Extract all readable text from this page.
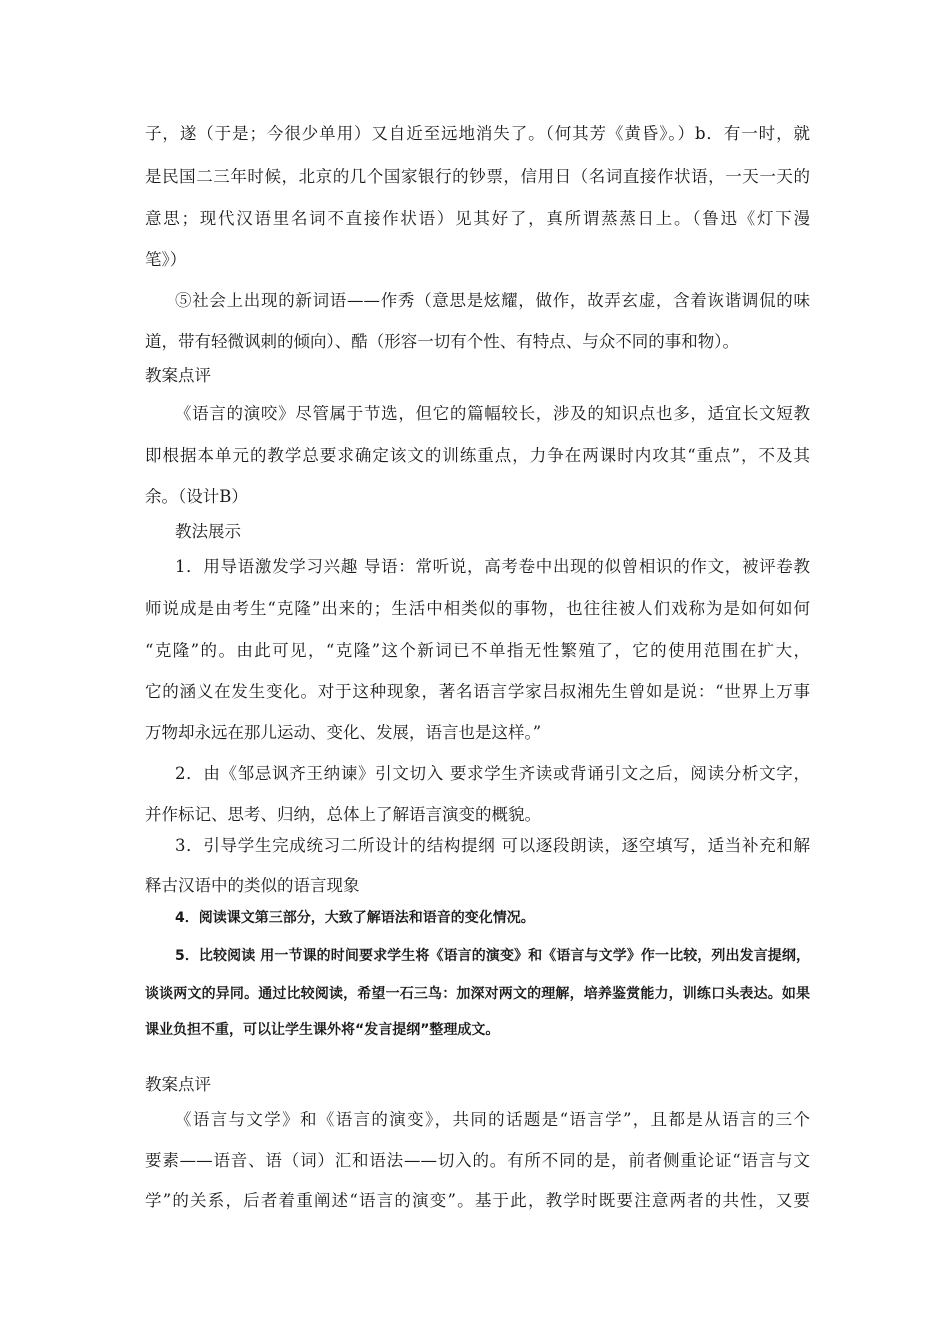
子，遂（于是；今很少单用）又自近至远地消失了。（何其芳《黄昏》。）b．有一时，就
是民国二三年时候，北京的几个国家银行的钞票，信用日（名词直接作状语，一天一天的
意思；现代汉语里名词不直接作状语）见其好了，真所谓蒸蒸日上。（鲁迅《灯下漫
笔》）
⑤社会上出现的新词语——作秀（意思是炫耀，做作，故弄玄虚，含着诙谐调侃的味
道，带有轻微讽刺的倾向）、酷（形容一切有个性、有特点、与众不同的事和物）。
教案点评
《语言的演咬》尽管属于节选，但它的篇幅较长，涉及的知识点也多，适宜长文短教
即根据本单元的教学总要求确定该文的训练重点，力争在两课时内攻其“重点”，不及其
余。（设计B）
教法展示
1．用导语激发学习兴趣 导语：常听说，高考卷中出现的似曾相识的作文，被评卷教
师说成是由考生“克隆”出来的；生活中相类似的事物，也往往被人们戏称为是如何如何
“克隆”的。由此可见，“克隆”这个新词已不单指无性繁殖了，它的使用范围在扩大，
它的涵义在发生变化。对于这种现象，著名语言学家吕叔湘先生曾如是说：“世界上万事
万物却永远在那儿运动、变化、发展，语言也是这样。”
2．由《邹忌讽齐王纳谏》引文切入 要求学生齐读或背诵引文之后，阅读分析文字，
并作标记、思考、归纳，总体上了解语言演变的概貌。
3．引导学生完成统习二所设计的结构提纲 可以逐段朗读，逐空填写，适当补充和解
释古汉语中的类似的语言现象
4．阅读课文第三部分，大致了解语法和语音的变化情况。
5．比较阅读 用一节课的时间要求学生将《语言的演变》和《语言与文学》作一比较，列出发言提纲，
谈谈两文的异同。通过比较阅读，希望一石三鸟：加深对两文的理解，培养鉴赏能力，训练口头表达。如果
课业负担不重，可以让学生课外将“发言提纲”整理成文。
教案点评
《语言与文学》和《语言的演变》，共同的话题是“语言学”，且都是从语言的三个
要素——语音、语（词）汇和语法——切入的。有所不同的是，前者侧重论证“语言与文
学”的关系，后者着重阐述“语言的演变”。基于此，教学时既要注意两者的共性，又要
